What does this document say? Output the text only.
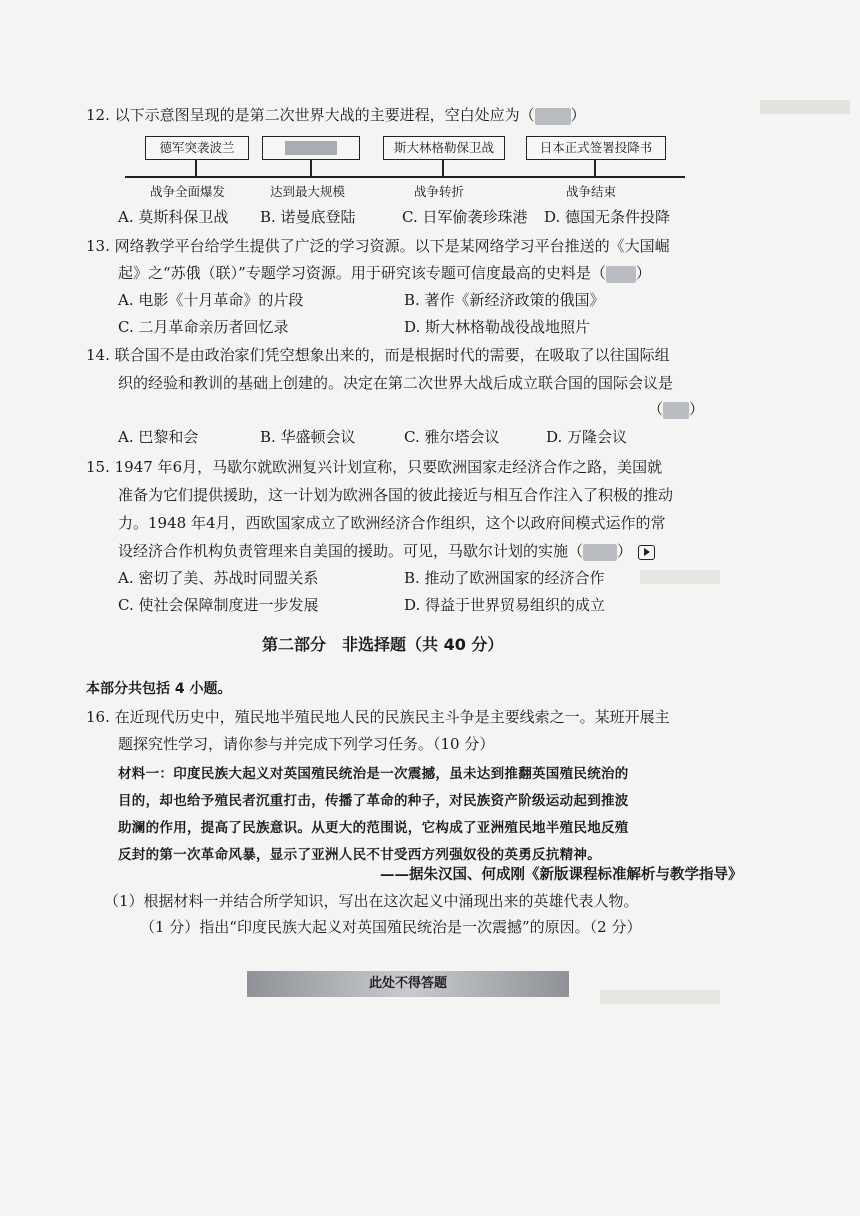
12. 以下示意图呈现的是第二次世界大战的主要进程，空白处应为（ ）
德军突袭波兰	斯大林格勒保卫战	日本正式签署投降书
战争全面爆发	达到最大规模	战争转折	战争结束
A. 莫斯科保卫战 B. 诺曼底登陆	C. 日军偷袭珍珠港 D. 德国无条件投降
13. 网络教学平台给学生提供了广泛的学习资源。以下是某网络学习平台推送的《大国崛
起》之“苏俄（联）”专题学习资源。用于研究该专题可信度最高的史料是（ ）
A. 电影《十月革命》的片段	B. 著作《新经济政策的俄国》
C. 二月革命亲历者回忆录	D. 斯大林格勒战役战地照片
14. 联合国不是由政治家们凭空想象出来的，而是根据时代的需要，在吸取了以往国际组
织的经验和教训的基础上创建的。决定在第二次世界大战后成立联合国的国际会议是
（ ）
A. 巴黎和会	B. 华盛顿会议	C. 雅尔塔会议	D. 万隆会议
15. 1947 年6月，马歇尔就欧洲复兴计划宣称，只要欧洲国家走经济合作之路，美国就
准备为它们提供援助，这一计划为欧洲各国的彼此接近与相互合作注入了积极的推动
力。1948 年4月，西欧国家成立了欧洲经济合作组织，这个以政府间模式运作的常
设经济合作机构负责管理来自美国的援助。可见，马歇尔计划的实施（ ）
A. 密切了美、苏战时同盟关系	B. 推动了欧洲国家的经济合作
C. 使社会保障制度进一步发展	D. 得益于世界贸易组织的成立
第二部分　非选择题（共 40 分）
本部分共包括 4 小题。
16. 在近现代历史中，殖民地半殖民地人民的民族民主斗争是主要线索之一。某班开展主
题探究性学习，请你参与并完成下列学习任务。（10 分）
材料一：印度民族大起义对英国殖民统治是一次震撼，虽未达到推翻英国殖民统治的
目的，却也给予殖民者沉重打击，传播了革命的种子，对民族资产阶级运动起到推波
助澜的作用，提高了民族意识。从更大的范围说，它构成了亚洲殖民地半殖民地反殖
反封的第一次革命风暴，显示了亚洲人民不甘受西方列强奴役的英勇反抗精神。
——据朱汉国、何成刚《新版课程标准解析与教学指导》
（1）根据材料一并结合所学知识，写出在这次起义中涌现出来的英雄代表人物。
（1 分）指出“印度民族大起义对英国殖民统治是一次震撼”的原因。（2 分）
此处不得答题
